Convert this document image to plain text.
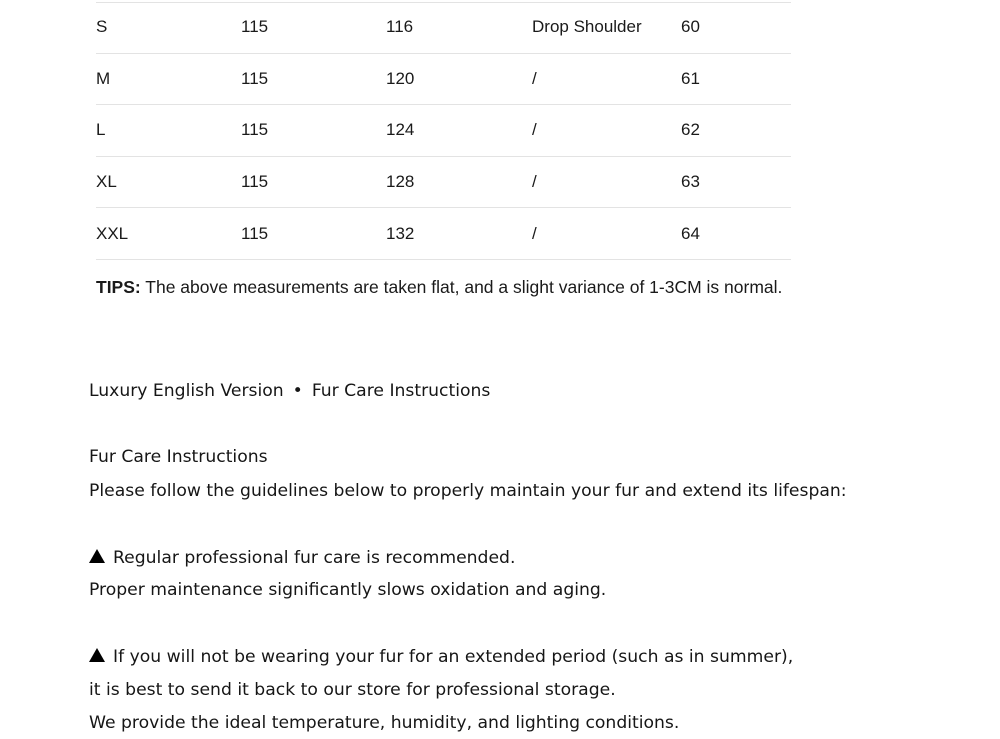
S	115	116	Drop Shoulder	60
M	115	120	/	61
L	115	124	/	62
XL	115	128	/	63
XXL	115	132	/	64
TIPS: The above measurements are taken flat, and a slight variance of 1-3CM is normal.
Luxury English Version • Fur Care Instructions
Fur Care Instructions
Please follow the guidelines below to properly maintain your fur and extend its lifespan:
Regular professional fur care is recommended.
Proper maintenance significantly slows oxidation and aging.
If you will not be wearing your fur for an extended period (such as in summer),
it is best to send it back to our store for professional storage.
We provide the ideal temperature, humidity, and lighting conditions.
